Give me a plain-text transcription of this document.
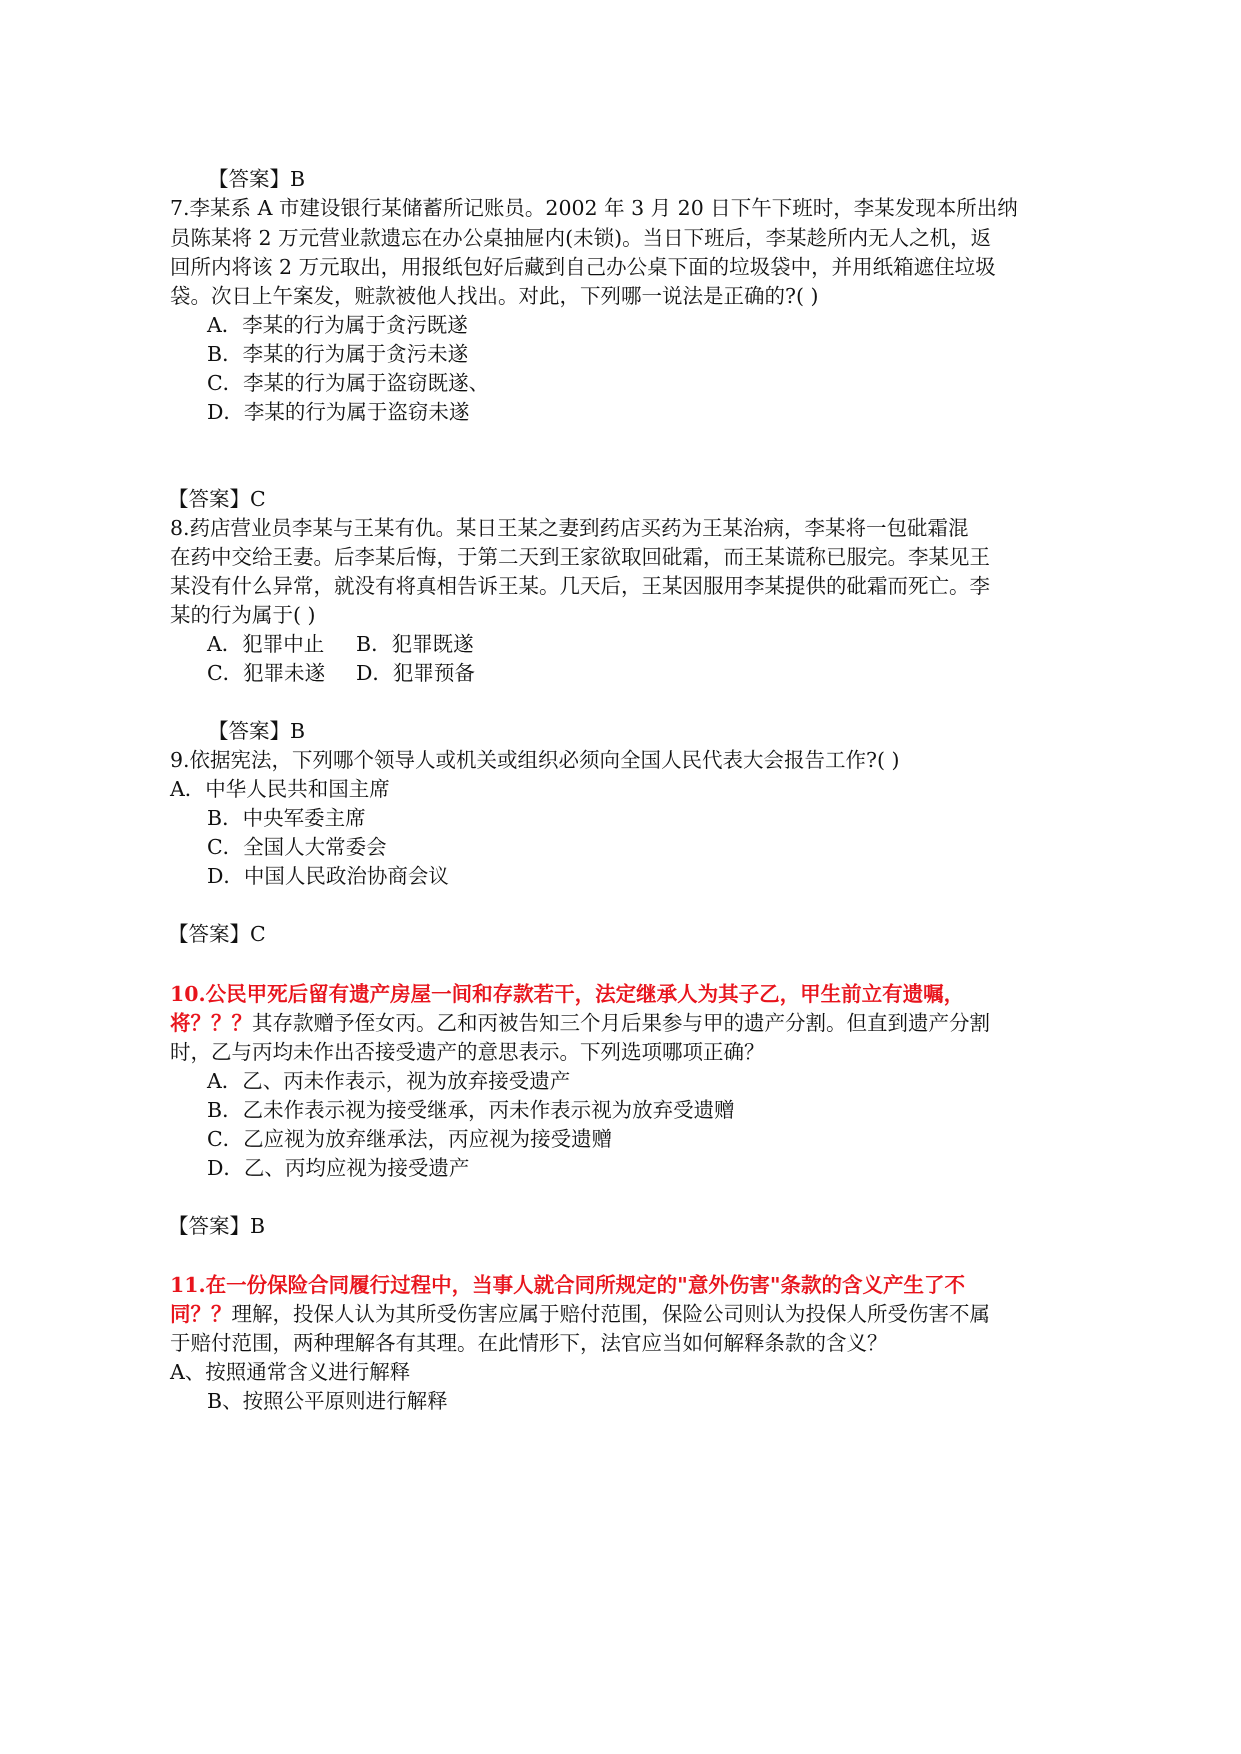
【答案】B
7.李某系 A 市建设银行某储蓄所记账员。2002 年 3 月 20 日下午下班时，李某发现本所出纳
员陈某将 2 万元营业款遗忘在办公桌抽屉内(未锁)。当日下班后，李某趁所内无人之机，返
回所内将该 2 万元取出，用报纸包好后藏到自己办公桌下面的垃圾袋中，并用纸箱遮住垃圾
袋。次日上午案发，赃款被他人找出。对此，下列哪一说法是正确的?( )
A．李某的行为属于贪污既遂
B．李某的行为属于贪污未遂
C．李某的行为属于盗窃既遂、
D．李某的行为属于盗窃未遂
【答案】C
8.药店营业员李某与王某有仇。某日王某之妻到药店买药为王某治病，李某将一包砒霜混
在药中交给王妻。后李某后悔，于第二天到王家欲取回砒霜，而王某谎称已服完。李某见王
某没有什么异常，就没有将真相告诉王某。几天后，王某因服用李某提供的砒霜而死亡。李
某的行为属于( )
A．犯罪中止 B．犯罪既遂
C．犯罪未遂 D．犯罪预备
【答案】B
9.依据宪法，下列哪个领导人或机关或组织必须向全国人民代表大会报告工作?( )
A．中华人民共和国主席
B．中央军委主席
C．全国人大常委会
D．中国人民政治协商会议
【答案】C
10.公民甲死后留有遗产房屋一间和存款若干，法定继承人为其子乙，甲生前立有遗嘱，
将？？？其存款赠予侄女丙。乙和丙被告知三个月后果参与甲的遗产分割。但直到遗产分割
时，乙与丙均未作出否接受遗产的意思表示。下列选项哪项正确？
A．乙、丙未作表示，视为放弃接受遗产
B．乙未作表示视为接受继承，丙未作表示视为放弃受遗赠
C．乙应视为放弃继承法，丙应视为接受遗赠
D．乙、丙均应视为接受遗产
【答案】B
11.在一份保险合同履行过程中，当事人就合同所规定的"意外伤害"条款的含义产生了不
同？？理解，投保人认为其所受伤害应属于赔付范围，保险公司则认为投保人所受伤害不属
于赔付范围，两种理解各有其理。在此情形下，法官应当如何解释条款的含义？
A、按照通常含义进行解释
B、按照公平原则进行解释
